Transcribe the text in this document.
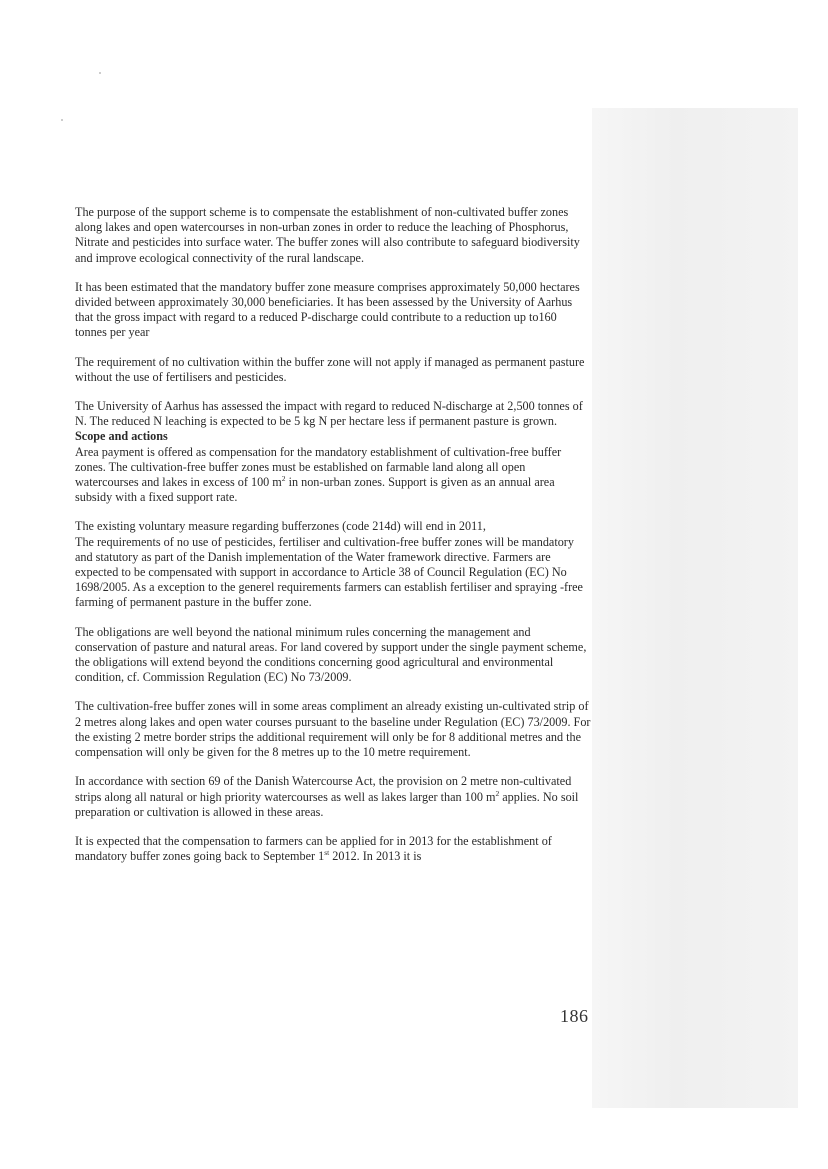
The purpose of the support scheme is to compensate the establishment of non-cultivated buffer zones along lakes and open watercourses in non-urban zones in order to reduce the leaching of Phosphorus, Nitrate and pesticides into surface water. The buffer zones will also contribute to safeguard biodiversity and improve ecological connectivity of the rural landscape.

It has been estimated that the mandatory buffer zone measure comprises approximately 50,000 hectares divided between approximately 30,000 beneficiaries. It has been assessed by the University of Aarhus that the gross impact with regard to a reduced P-discharge could contribute to a reduction up to160 tonnes per year

The requirement of no cultivation within the buffer zone will not apply if managed as permanent pasture without the use of fertilisers and pesticides.

The University of Aarhus has assessed the impact with regard to reduced N-discharge at 2,500 tonnes of N. The reduced N leaching is expected to be 5 kg N per hectare less if permanent pasture is grown.

Scope and actions

Area payment is offered as compensation for the mandatory establishment of cultivation-free buffer zones. The cultivation-free buffer zones must be established on farmable land along all open watercourses and lakes in excess of 100 $m^2$ in non-urban zones. Support is given as an annual area subsidy with a fixed support rate.

The existing voluntary measure regarding bufferzones (code 214d) will end in 2011,
The requirements of no use of pesticides, fertiliser and cultivation-free buffer zones will be mandatory and statutory as part of the Danish implementation of the Water framework directive. Farmers are expected to be compensated with support in accordance to Article 38 of Council Regulation (EC) No 1698/2005. As a exception to the generel requirements farmers can establish fertiliser and spraying -free farming of permanent pasture in the buffer zone.

The obligations are well beyond the national minimum rules concerning the management and conservation of pasture and natural areas. For land covered by support under the single payment scheme, the obligations will extend beyond the conditions concerning good agricultural and environmental condition, cf. Commission Regulation (EC) No 73/2009.

The cultivation-free buffer zones will in some areas compliment an already existing un-cultivated strip of 2 metres along lakes and open water courses pursuant to the baseline under Regulation (EC) 73/2009. For the existing 2 metre border strips the additional requirement will only be for 8 additional metres and the compensation will only be given for the 8 metres up to the 10 metre requirement.

In accordance with section 69 of the Danish Watercourse Act, the provision on 2 metre non-cultivated strips along all natural or high priority watercourses as well as lakes larger than 100 $m^2$ applies. No soil preparation or cultivation is allowed in these areas.

It is expected that the compensation to farmers can be applied for in 2013 for the establishment of mandatory buffer zones going back to September 1st 2012. In 2013 it is

186
